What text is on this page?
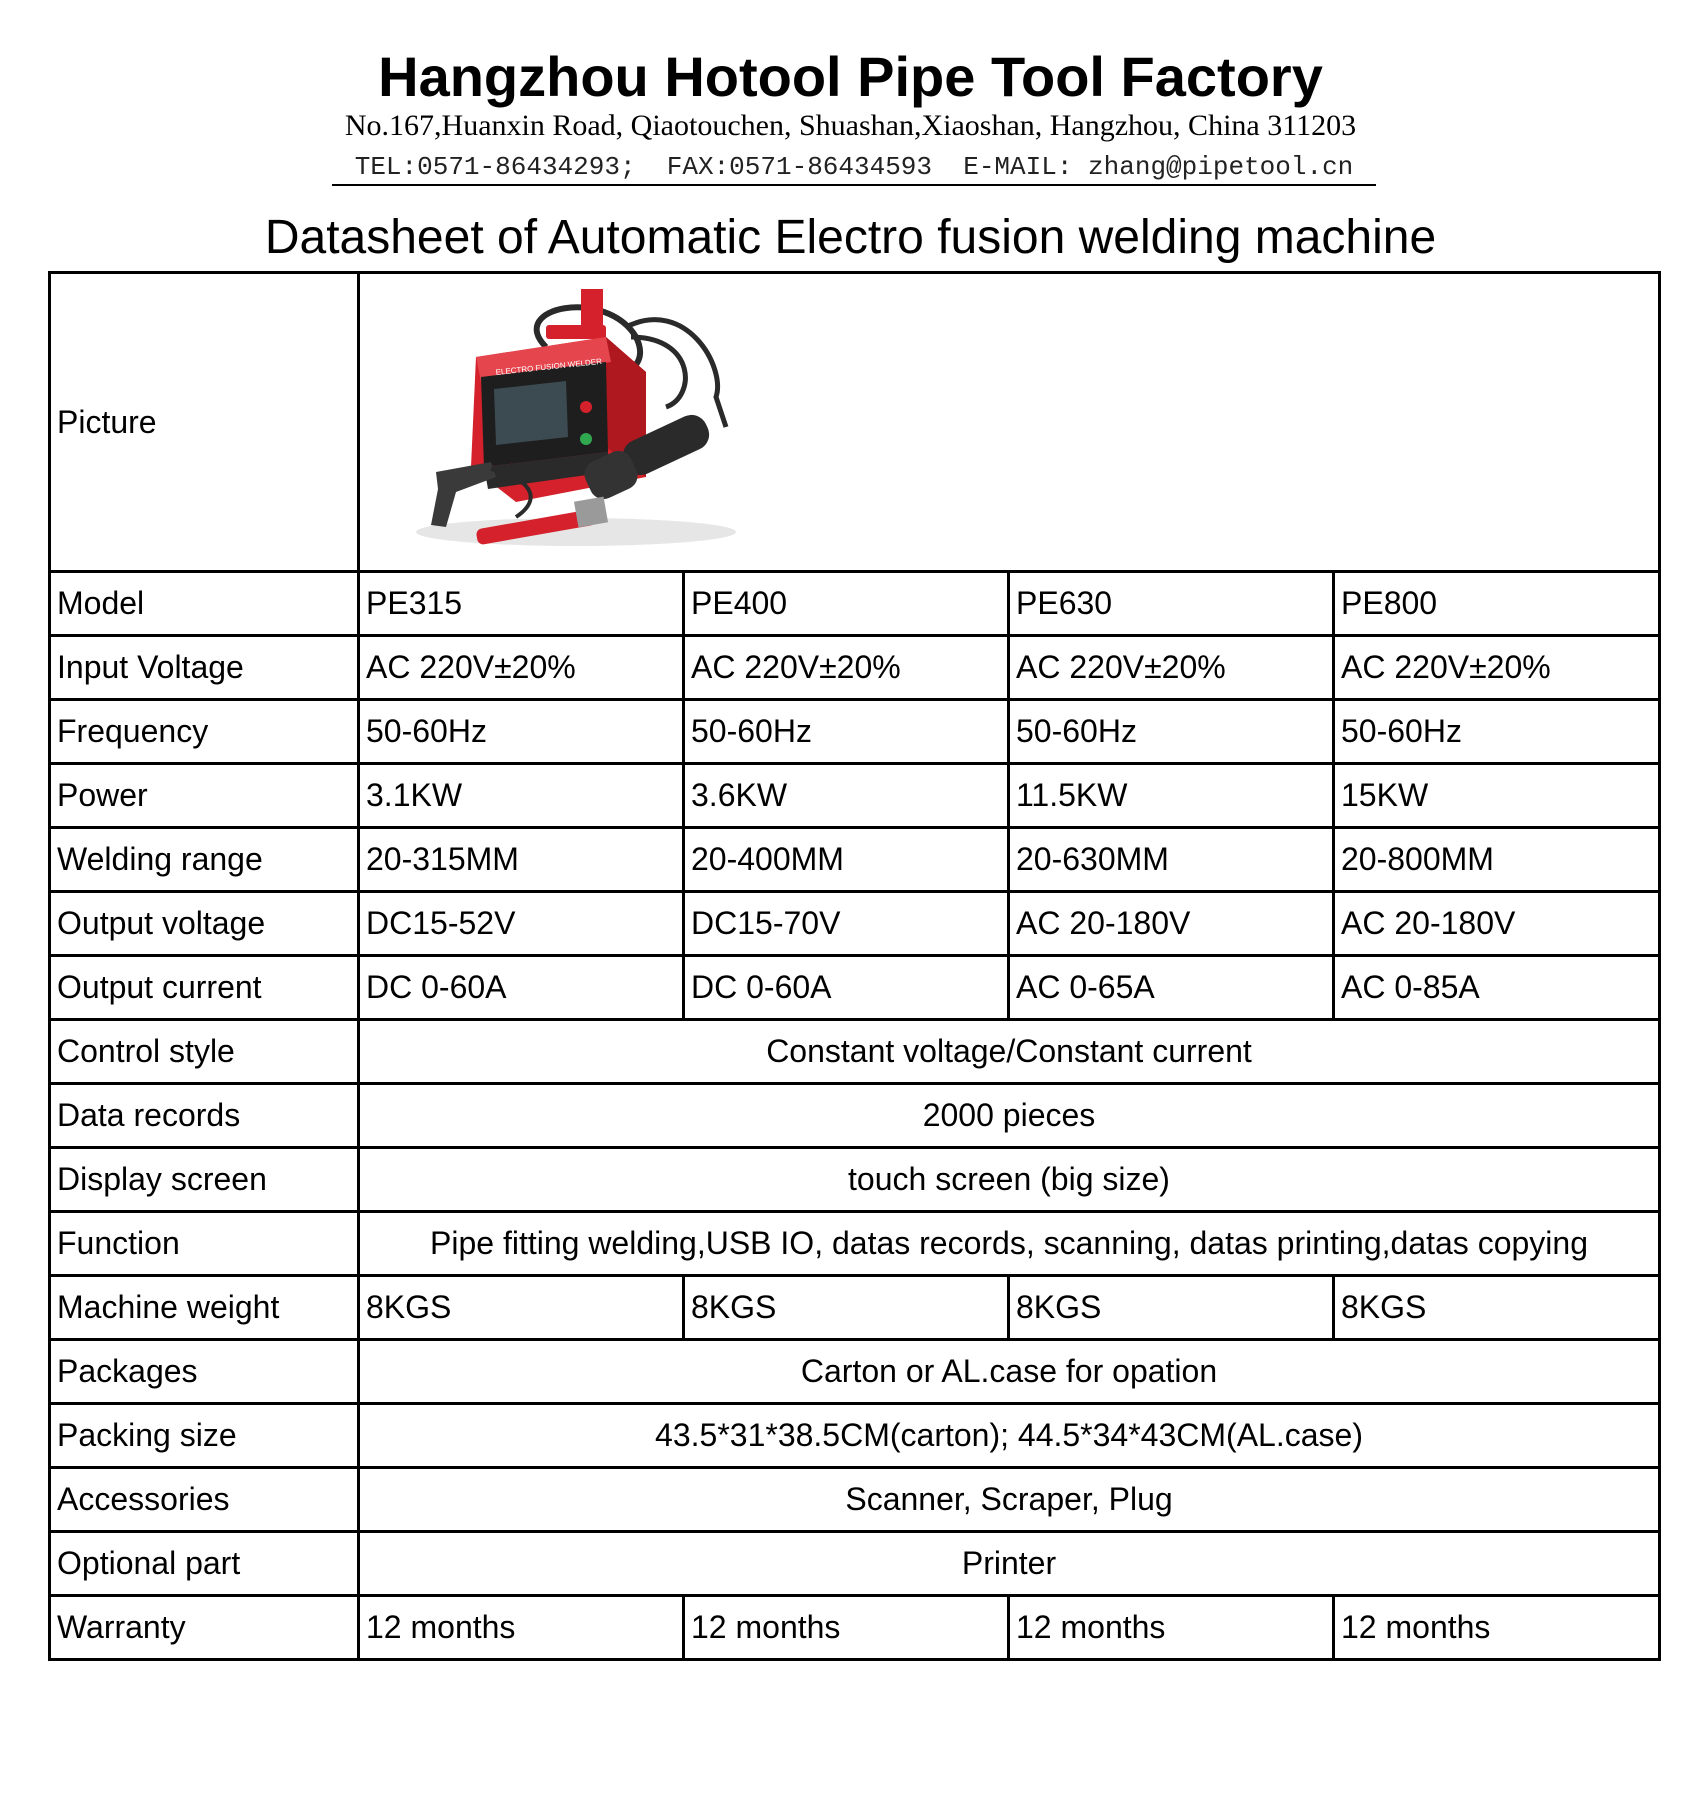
Hangzhou Hotool Pipe Tool Factory
No.167,Huanxin Road, Qiaotouchen, Shuashan,Xiaoshan, Hangzhou, China 311203
TEL:0571-86434293;  FAX:0571-86434593  E-MAIL: zhang@pipetool.cn
Datasheet of Automatic Electro fusion welding machine
Picture	ELECTRO FUSION WELDER			

Model	PE315	PE400	PE630	PE800
Input Voltage	AC 220V±20%	AC 220V±20%	AC 220V±20%	AC 220V±20%
Frequency	50-60Hz	50-60Hz	50-60Hz	50-60Hz
Power	3.1KW	3.6KW	11.5KW	15KW
Welding range	20-315MM	20-400MM	20-630MM	20-800MM
Output voltage	DC15-52V	DC15-70V	AC 20-180V	AC 20-180V
Output current	DC 0-60A	DC 0-60A	AC 0-65A	AC 0-85A
Control style	Constant voltage/Constant current			
Data records	2000 pieces			
Display screen	touch screen (big size)			
Function	Pipe fitting welding,USB IO, datas records, scanning, datas printing,datas copying			
Machine weight	8KGS	8KGS	8KGS	8KGS
Packages	Carton or AL.case for opation			
Packing size	43.5*31*38.5CM(carton); 44.5*34*43CM(AL.case)			
Accessories	Scanner, Scraper, Plug			
Optional part	Printer			
Warranty	12 months	12 months	12 months	12 months
